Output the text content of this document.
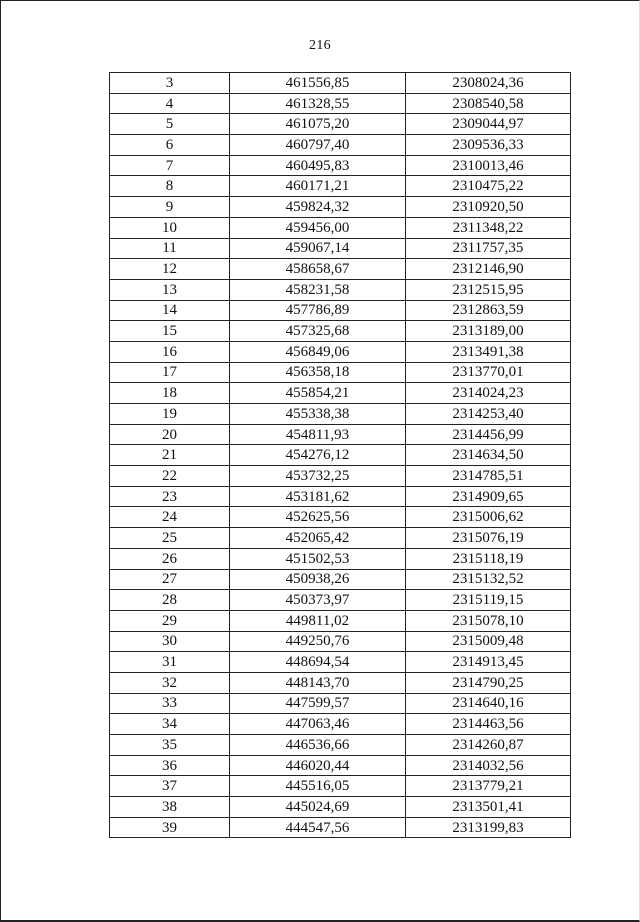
216
3	461556,85	2308024,36
4	461328,55	2308540,58
5	461075,20	2309044,97
6	460797,40	2309536,33
7	460495,83	2310013,46
8	460171,21	2310475,22
9	459824,32	2310920,50
10	459456,00	2311348,22
11	459067,14	2311757,35
12	458658,67	2312146,90
13	458231,58	2312515,95
14	457786,89	2312863,59
15	457325,68	2313189,00
16	456849,06	2313491,38
17	456358,18	2313770,01
18	455854,21	2314024,23
19	455338,38	2314253,40
20	454811,93	2314456,99
21	454276,12	2314634,50
22	453732,25	2314785,51
23	453181,62	2314909,65
24	452625,56	2315006,62
25	452065,42	2315076,19
26	451502,53	2315118,19
27	450938,26	2315132,52
28	450373,97	2315119,15
29	449811,02	2315078,10
30	449250,76	2315009,48
31	448694,54	2314913,45
32	448143,70	2314790,25
33	447599,57	2314640,16
34	447063,46	2314463,56
35	446536,66	2314260,87
36	446020,44	2314032,56
37	445516,05	2313779,21
38	445024,69	2313501,41
39	444547,56	2313199,83
